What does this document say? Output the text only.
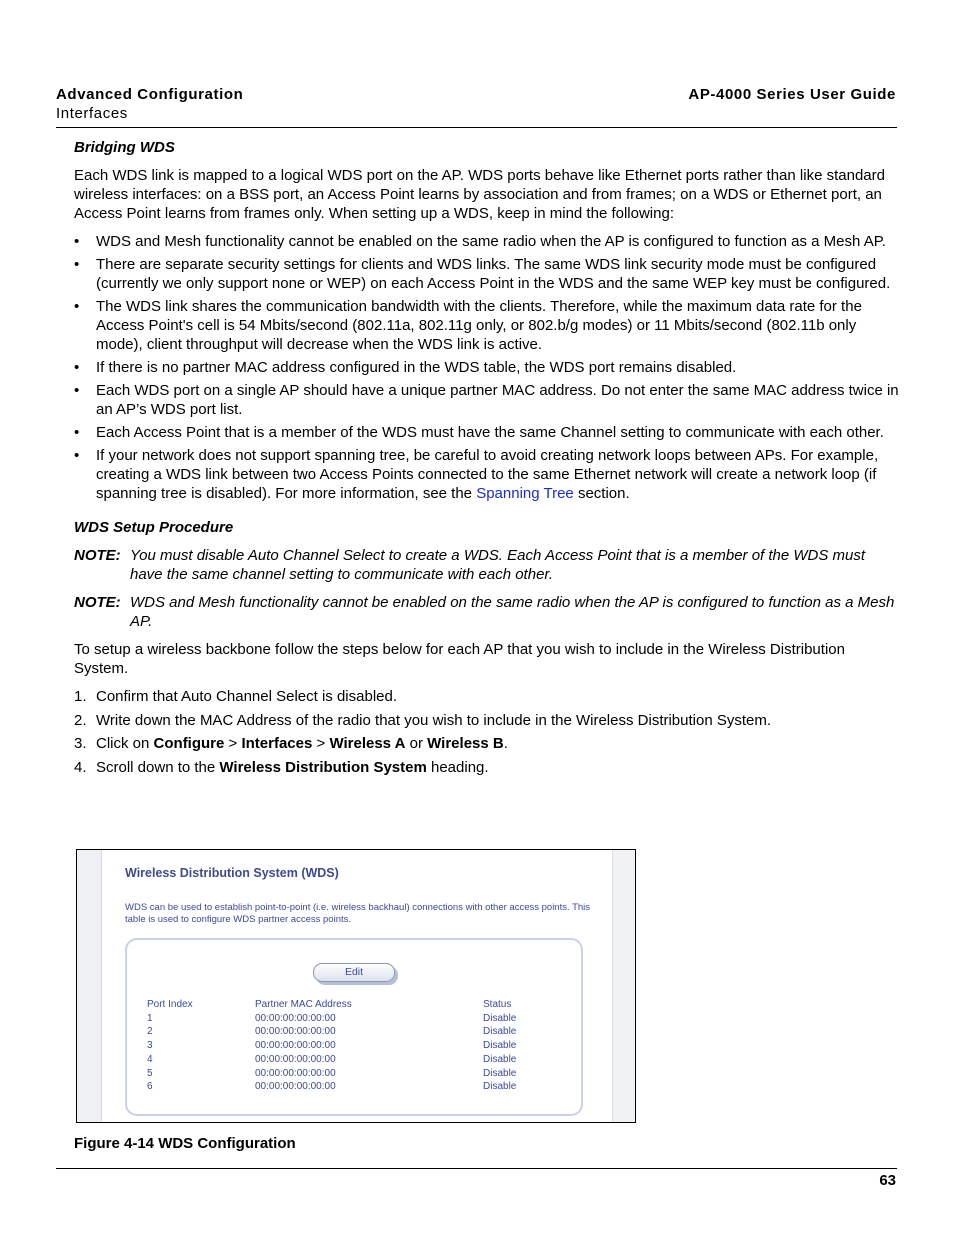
Advanced Configuration
Interfaces
AP-4000 Series User Guide
Bridging WDS

Each WDS link is mapped to a logical WDS port on the AP. WDS ports behave like Ethernet ports rather than like standard wireless interfaces: on a BSS port, an Access Point learns by association and from frames; on a WDS or Ethernet port, an Access Point learns from frames only. When setting up a WDS, keep in mind the following:

• WDS and Mesh functionality cannot be enabled on the same radio when the AP is configured to function as a Mesh AP.
• There are separate security settings for clients and WDS links. The same WDS link security mode must be configured (currently we only support none or WEP) on each Access Point in the WDS and the same WEP key must be configured.
• The WDS link shares the communication bandwidth with the clients. Therefore, while the maximum data rate for the Access Point's cell is 54 Mbits/second (802.11a, 802.11g only, or 802.b/g modes) or 11 Mbits/second (802.11b only mode), client throughput will decrease when the WDS link is active.
• If there is no partner MAC address configured in the WDS table, the WDS port remains disabled.
• Each WDS port on a single AP should have a unique partner MAC address. Do not enter the same MAC address twice in an AP’s WDS port list.
• Each Access Point that is a member of the WDS must have the same Channel setting to communicate with each other.
• If your network does not support spanning tree, be careful to avoid creating network loops between APs. For example, creating a WDS link between two Access Points connected to the same Ethernet network will create a network loop (if spanning tree is disabled). For more information, see the Spanning Tree section.
WDS Setup Procedure
NOTE: You must disable Auto Channel Select to create a WDS. Each Access Point that is a member of the WDS must have the same channel setting to communicate with each other.
NOTE: WDS and Mesh functionality cannot be enabled on the same radio when the AP is configured to function as a Mesh AP.

To setup a wireless backbone follow the steps below for each AP that you wish to include in the Wireless Distribution System.

1. Confirm that Auto Channel Select is disabled.
2. Write down the MAC Address of the radio that you wish to include in the Wireless Distribution System.
3. Click on Configure > Interfaces > Wireless A or Wireless B.
4. Scroll down to the Wireless Distribution System heading.
Wireless Distribution System (WDS)
WDS can be used to establish point-to-point (i.e. wireless backhaul) connections with other access points. This table is used to configure WDS partner access points.
Edit
Port Index	Partner MAC Address	Status
1	00:00:00:00:00:00	Disable
2	00:00:00:00:00:00	Disable
3	00:00:00:00:00:00	Disable
4	00:00:00:00:00:00	Disable
5	00:00:00:00:00:00	Disable
6	00:00:00:00:00:00	Disable
Figure 4-14 WDS Configuration
63
